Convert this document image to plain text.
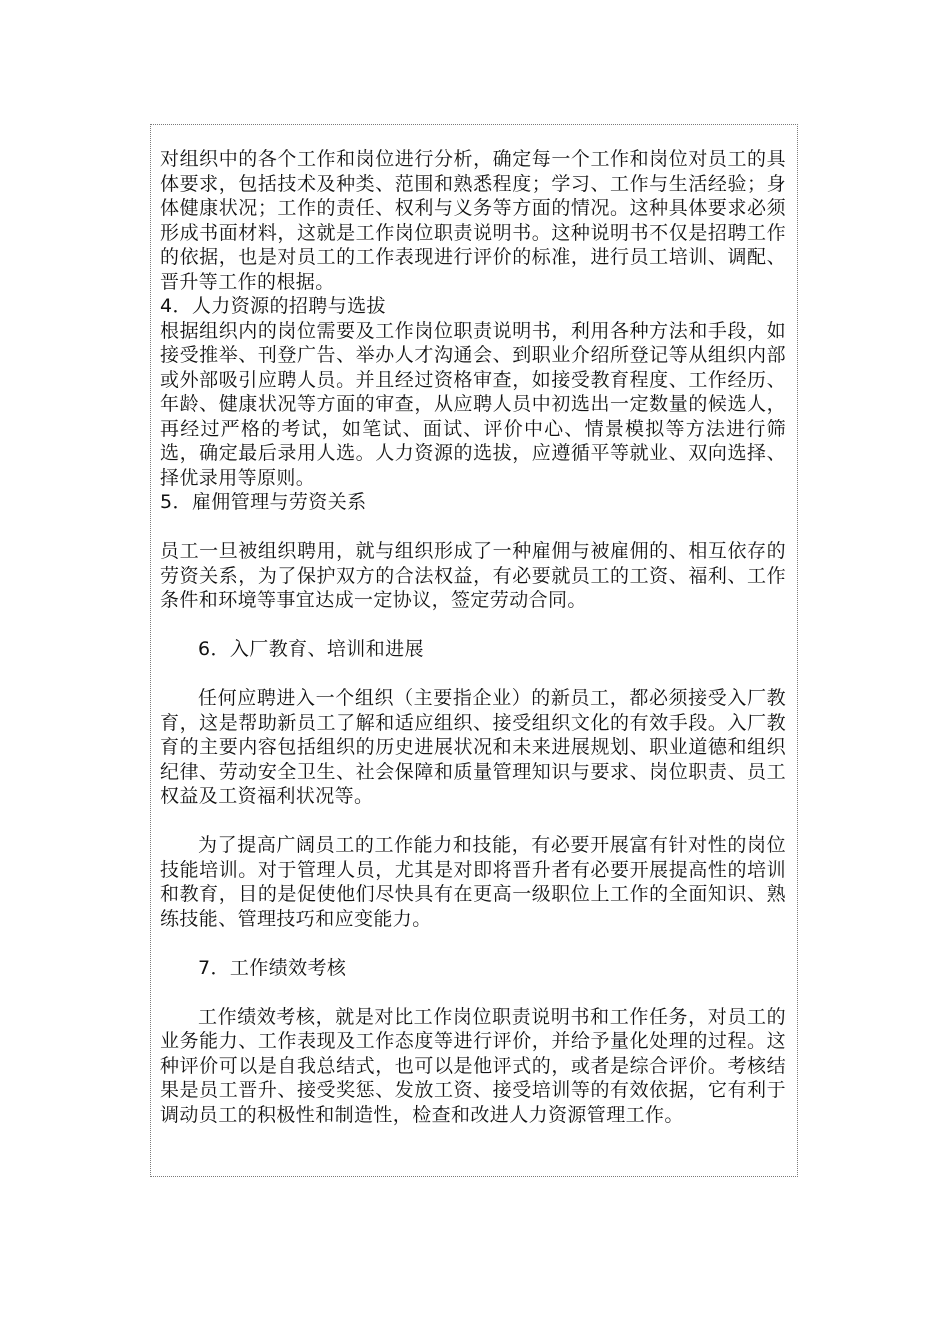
对组织中的各个工作和岗位进行分析，确定每一个工作和岗位对员工的具体要求，包括技术及种类、范围和熟悉程度；学习、工作与生活经验；身体健康状况；工作的责任、权利与义务等方面的情况。这种具体要求必须形成书面材料，这就是工作岗位职责说明书。这种说明书不仅是招聘工作的依据，也是对员工的工作表现进行评价的标准，进行员工培训、调配、晋升等工作的根据。

4．人力资源的招聘与选拔

根据组织内的岗位需要及工作岗位职责说明书，利用各种方法和手段，如接受推举、刊登广告、举办人才沟通会、到职业介绍所登记等从组织内部或外部吸引应聘人员。并且经过资格审查，如接受教育程度、工作经历、年龄、健康状况等方面的审查，从应聘人员中初选出一定数量的候选人，再经过严格的考试，如笔试、面试、评价中心、情景模拟等方法进行筛选，确定最后录用人选。人力资源的选拔，应遵循平等就业、双向选择、择优录用等原则。

5．雇佣管理与劳资关系

员工一旦被组织聘用，就与组织形成了一种雇佣与被雇佣的、相互依存的劳资关系，为了保护双方的合法权益，有必要就员工的工资、福利、工作条件和环境等事宜达成一定协议，签定劳动合同。

6．入厂教育、培训和进展

任何应聘进入一个组织（主要指企业）的新员工，都必须接受入厂教育，这是帮助新员工了解和适应组织、接受组织文化的有效手段。入厂教育的主要内容包括组织的历史进展状况和未来进展规划、职业道德和组织纪律、劳动安全卫生、社会保障和质量管理知识与要求、岗位职责、员工权益及工资福利状况等。

为了提高广阔员工的工作能力和技能，有必要开展富有针对性的岗位技能培训。对于管理人员，尤其是对即将晋升者有必要开展提高性的培训和教育，目的是促使他们尽快具有在更高一级职位上工作的全面知识、熟练技能、管理技巧和应变能力。

7．工作绩效考核

工作绩效考核，就是对比工作岗位职责说明书和工作任务，对员工的业务能力、工作表现及工作态度等进行评价，并给予量化处理的过程。这种评价可以是自我总结式，也可以是他评式的，或者是综合评价。考核结果是员工晋升、接受奖惩、发放工资、接受培训等的有效依据，它有利于调动员工的积极性和制造性，检查和改进人力资源管理工作。
